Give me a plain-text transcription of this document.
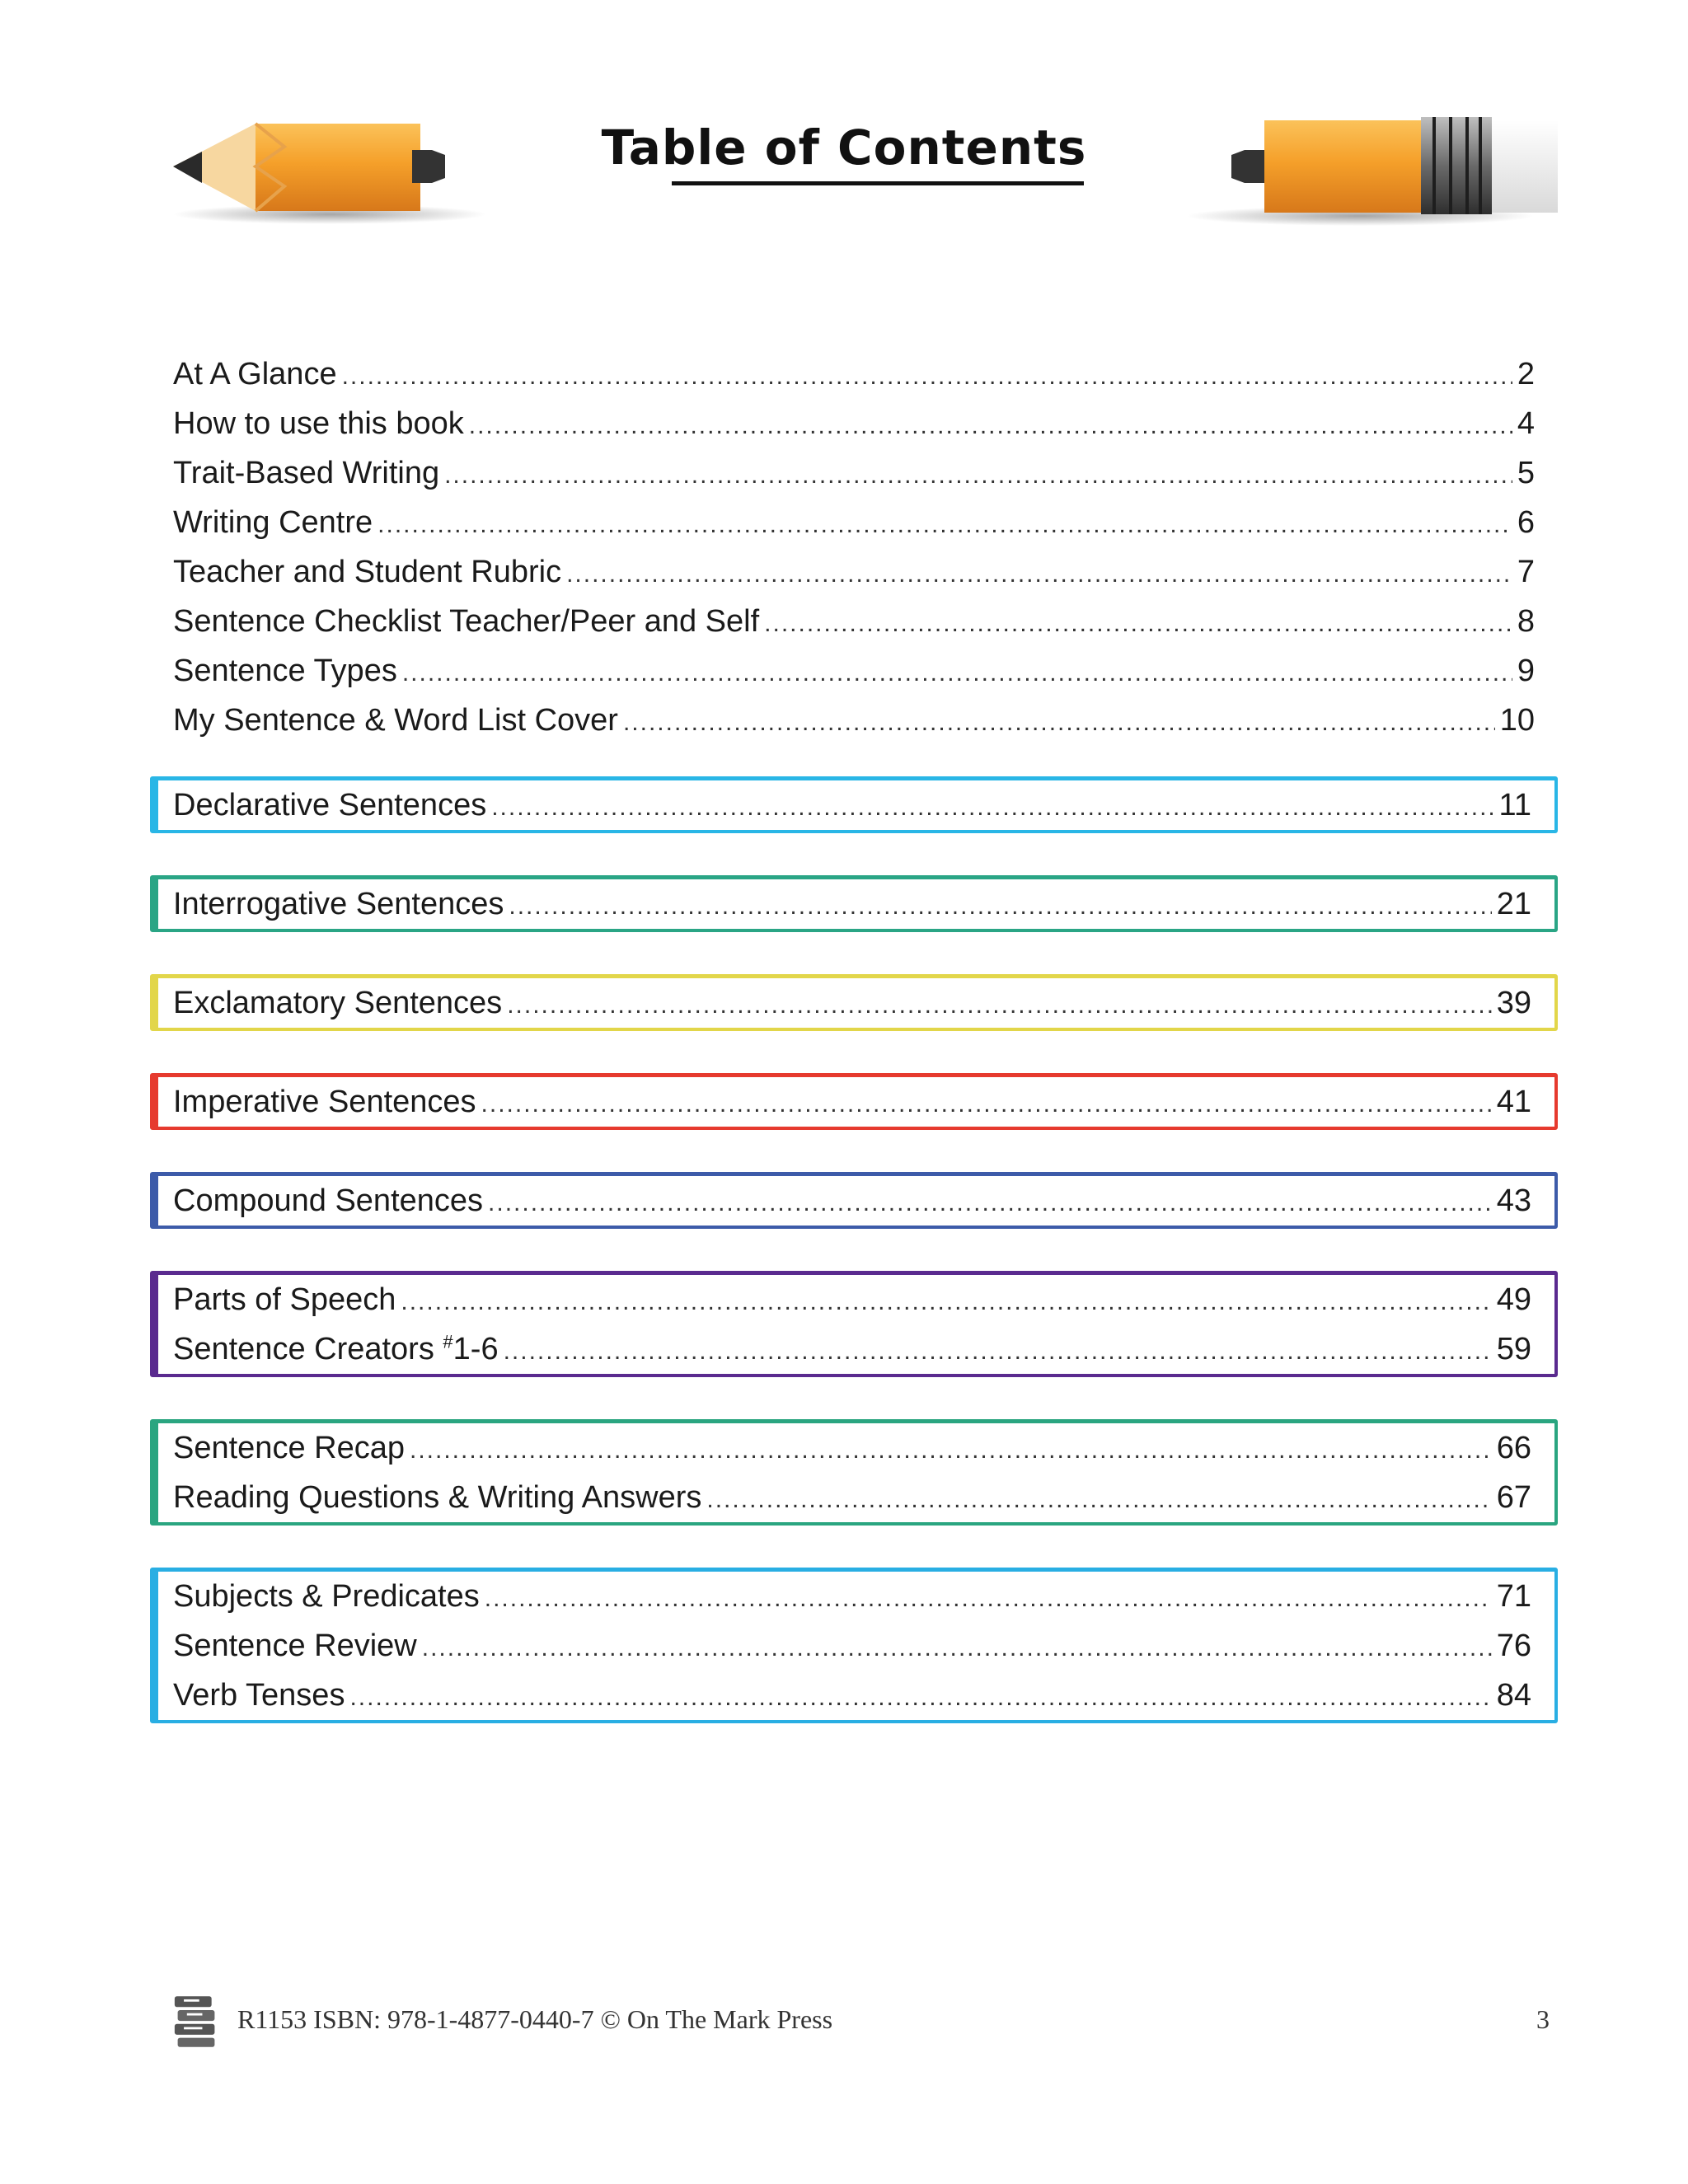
Table of Contents
At A Glance .....	2
How to use this book .....	4
Trait-Based Writing .....	5
Writing Centre .....	6
Teacher and Student Rubric .....	7
Sentence Checklist Teacher/Peer and Self .....	8
Sentence Types .....	9
My Sentence & Word List Cover .....	10
Declarative Sentences .....	11
Interrogative Sentences .....	21
Exclamatory Sentences .....	39
Imperative Sentences .....	41
Compound Sentences .....	43
Parts of Speech .....	49
Sentence Creators #1-6 .....	59
Sentence Recap .....	66
Reading Questions & Writing Answers .....	67
Subjects & Predicates .....	71
Sentence Review .....	76
Verb Tenses .....	84
R1153 ISBN: 978-1-4877-0440-7 © On The Mark Press	3
